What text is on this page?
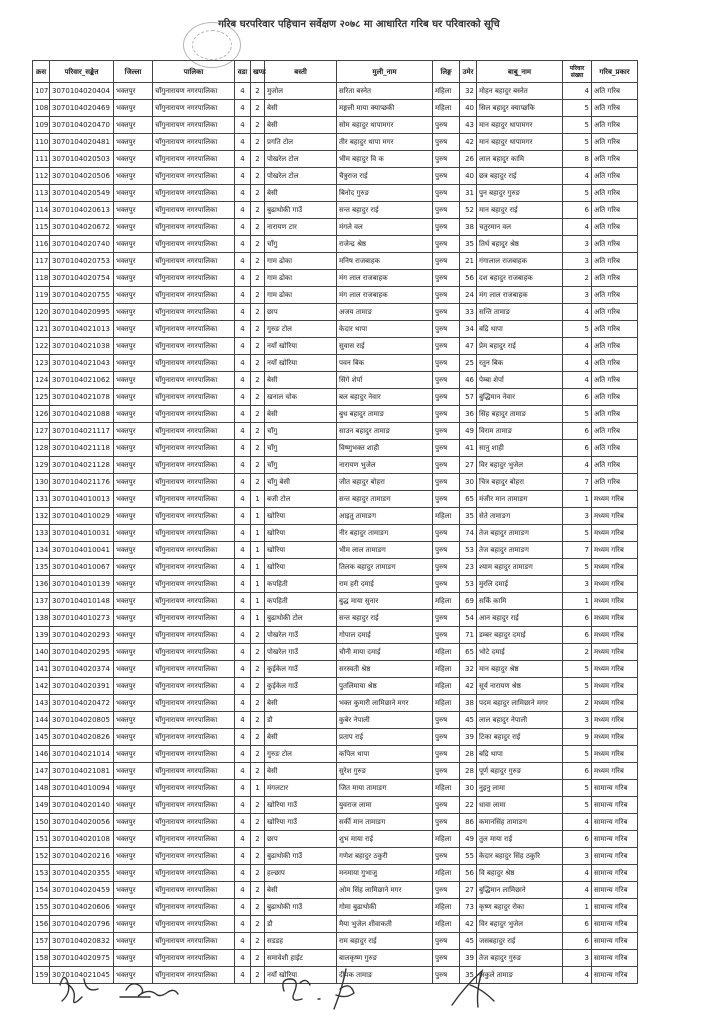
गरिब घरपरिवार पहिचान सर्वेक्षण २०७८ मा आधारित गरिब घर परिवारको सूचि
क्रस	परिवार_सङ्केत	जिल्ला	पालिका	वडा	खण्ड	बस्ती	मुली_नाम	लिङ्ग	उमेर	बाबु_नाम	परिवार संख्या	गरिब_प्रकार
107	3070104020404	भक्तपुर	चाँगुनारायण नगरपालिका	4	2	मुजोल	सरिता बस्नेत	महिला	32	मोहन बहादुर बस्नेत	4	अति गरिब
108	3070104020469	भक्तपुर	चाँगुनारायण नगरपालिका	4	2	बेसी	मङ्गली माया क्याप्छकी	महिला	40	सिल बहादुर क्याप्छकि	5	अति गरिब
109	3070104020470	भक्तपुर	चाँगुनारायण नगरपालिका	4	2	बेसी	सोम बहादुर थापामगर	पुरुष	43	मान बहादुर थापामगर	5	अति गरिब
110	3070104020481	भक्तपुर	चाँगुनारायण नगरपालिका	4	2	प्रगति टोल	तीर बहादुर थापा मगर	पुरुष	42	मान बहादुर थापामगर	5	अति गरिब
111	3070104020503	भक्तपुर	चाँगुनारायण नगरपालिका	4	2	पोखरेल टोल	भीम बहादुर वि क	पुरुष	26	लाल बहादुर कामि	8	अति गरिब
112	3070104020506	भक्तपुर	चाँगुनारायण नगरपालिका	4	2	पोखरेल टोल	चैत्रुराज राई	पुरुष	40	छत्र बहादुर राई	4	अति गरिब
113	3070104020549	भक्तपुर	चाँगुनारायण नगरपालिका	4	2	बेसी	बिनोद गुरुङ	पुरुष	31	पुन बहादुर गुरुङ	5	अति गरिब
114	3070104020613	भक्तपुर	चाँगुनारायण नगरपालिका	4	2	बुढाथोकी गाउँ	सन्त बहादुर राई	पुरुष	52	मान बहादुर राई	6	अति गरिब
115	3070104020672	भक्तपुर	चाँगुनारायण नगरपालिका	4	2	नारायण टार	मंगले वल	पुरुष	38	चतुरमान वल	4	अति गरिब
116	3070104020740	भक्तपुर	चाँगुनारायण नगरपालिका	4	2	चाँगु	राजेन्द्र श्रेष्ठ	पुरुष	35	तिर्थ बहादुर श्रेष्ठ	3	अति गरिब
117	3070104020753	भक्तपुर	चाँगुनारायण नगरपालिका	4	2	गाम ढोका	मनिष राजबाहक	पुरुष	21	गंगालाल राजबाहक	3	अति गरिब
118	3070104020754	भक्तपुर	चाँगुनारायण नगरपालिका	4	2	गाम ढोका	मंग लाल राजबाहक	पुरुष	56	दश बहादुर राजबाहक	2	अति गरिब
119	3070104020755	भक्तपुर	चाँगुनारायण नगरपालिका	4	2	गाम ढोका	मंग लाल राजबाहक	पुरुष	24	मंग लाल राजबाहक	3	अति गरिब
120	3070104020995	भक्तपुर	चाँगुनारायण नगरपालिका	4	2	छाप	अजय तामाङ	पुरुष	33	सन्ति तामाङ	4	अति गरिब
121	3070104021013	भक्तपुर	चाँगुनारायण नगरपालिका	4	2	गुरुङ टोल	केदार थापा	पुरुष	34	बद्रि थापा	5	अति गरिब
122	3070104021038	भक्तपुर	चाँगुनारायण नगरपालिका	4	2	नयाँ खोरिया	सुवास राई	पुरुष	47	प्रेम बहादुर राई	4	अति गरिब
123	3070104021043	भक्तपुर	चाँगुनारायण नगरपालिका	4	2	नयाँ खोरिया	पवन बिक	पुरुष	25	रतुन बिक	4	अति गरिब
124	3070104021062	भक्तपुर	चाँगुनारायण नगरपालिका	4	2	बेसी	सिंगे शेर्पा	पुरुष	46	पेम्बा शेर्पा	4	अति गरिब
125	3070104021078	भक्तपुर	चाँगुनारायण नगरपालिका	4	2	खनाल चोक	बल बहादुर नेवार	पुरुष	57	बुद्धिमान नेवार	6	अति गरिब
126	3070104021088	भक्तपुर	चाँगुनारायण नगरपालिका	4	2	बेसी	बुध बहादुर तामाङ	पुरुष	36	सिंह बहादुर तामाङ	5	अति गरिब
127	3070104021117	भक्तपुर	चाँगुनारायण नगरपालिका	4	2	चाँगु	साउन बहादुर तामाङ	पुरुष	49	विराम तामाङ	6	अति गरिब
128	3070104021118	भक्तपुर	चाँगुनारायण नगरपालिका	4	2	चाँगु	विष्णुभक्त शाही	पुरुष	41	सानु शाही	6	अति गरिब
129	3070104021128	भक्तपुर	चाँगुनारायण नगरपालिका	4	2	चाँगु	नारायण भुजेल	पुरुष	27	विर बहादुर भुजेल	4	अति गरिब
130	3070104021176	भक्तपुर	चाँगुनारायण नगरपालिका	4	2	चाँगु बेसी	जीत बहादुर बोहरा	पुरुष	30	चित्र बहादुर बोहरा	7	अति गरिब
131	3070104010013	भक्तपुर	चाँगुनारायण नगरपालिका	4	1	बजी टोल	सन्त बहादुर तामाङग	पुरुष	65	मंजीर मान तामाङग	1	मध्यम गरिब
132	3070104010029	भक्तपुर	चाँगुनारायण नगरपालिका	4	1	खोरिया	आइतु तामाङग	महिला	35	सेते तामाङग	3	मध्यम गरिब
133	3070104010031	भक्तपुर	चाँगुनारायण नगरपालिका	4	1	खोरिया	नीर बहादुर तामाङग	पुरुष	74	तेज बहादुर तामाङग	5	मध्यम गरिब
134	3070104010041	भक्तपुर	चाँगुनारायण नगरपालिका	4	1	खोरिया	भीम लाल तामाङग	पुरुष	53	तेज बहादुर तामाङग	7	मध्यम गरिब
135	3070104010067	भक्तपुर	चाँगुनारायण नगरपालिका	4	1	खोरिया	तिलक बहादुर तामाङग	पुरुष	23	श्याम बहादुर तामाङग	5	मध्यम गरिब
136	3070104010139	भक्तपुर	चाँगुनारायण नगरपालिका	4	1	कपहिती	राम हरी दमाई	पुरुष	53	मुरलि दमाई	3	मध्यम गरिब
137	3070104010148	भक्तपुर	चाँगुनारायण नगरपालिका	4	1	कपहिती	बुद्ध माया सुनार	महिला	69	सर्कि कामि	1	मध्यम गरिब
138	3070104010273	भक्तपुर	चाँगुनारायण नगरपालिका	4	1	बुढाथोकी टोल	सन्त बहादुर राई	पुरुष	54	आन बहादुर राई	6	मध्यम गरिब
139	3070104020293	भक्तपुर	चाँगुनारायण नगरपालिका	4	2	पोखरेल गाउँ	गोपाल दमाई	पुरुष	71	डम्बर बहादुर दमाई	6	मध्यम गरिब
140	3070104020295	भक्तपुर	चाँगुनारायण नगरपालिका	4	2	पोखरेल गाउँ	चौनी माया दमाई	महिला	65	भोटे दमाई	2	मध्यम गरिब
141	3070104020374	भक्तपुर	चाँगुनारायण नगरपालिका	4	2	कुईकेल गाउँ	सरस्वती श्रेष्ठ	महिला	32	मान बहादुर श्रेष्ठ	5	मध्यम गरिब
142	3070104020391	भक्तपुर	चाँगुनारायण नगरपालिका	4	2	कुईकेल गाउँ	पुतलिमाया श्रेष्ठ	महिला	42	सूर्य नारायण श्रेष्ठ	5	मध्यम गरिब
143	3070104020472	भक्तपुर	चाँगुनारायण नगरपालिका	4	2	बेसी	भक्त कुमारी लामिछाने मगर	महिला	38	पदम बहादुर लामिछाने मगर	2	मध्यम गरिब
144	3070104020805	भक्तपुर	चाँगुनारायण नगरपालिका	4	2	डौ	कुबेर नेपाली	पुरुष	45	लाल बहादुर नेपाली	3	मध्यम गरिब
145	3070104020826	भक्तपुर	चाँगुनारायण नगरपालिका	4	2	बेसी	प्रताप राई	पुरुष	39	टिका बहादुर राई	9	मध्यम गरिब
146	3070104021014	भक्तपुर	चाँगुनारायण नगरपालिका	4	2	गुरुङ टोल	कपिल थापा	पुरुष	28	बद्रि थापा	5	मध्यम गरिब
147	3070104021081	भक्तपुर	चाँगुनारायण नगरपालिका	4	2	बेसी	सुरेश गुरुङ	पुरुष	28	पूर्ण बहादुर गुरुङ	6	मध्यम गरिब
148	3070104010094	भक्तपुर	चाँगुनारायण नगरपालिका	4	1	मंगलटार	जित माया तामाङग	महिला	30	नुइनु लामा	5	सामान्य गरिब
149	3070104020140	भक्तपुर	चाँगुनारायण नगरपालिका	4	2	खोरिया गाउँ	युवराज लामा	पुरुष	22	धावा लामा	5	सामान्य गरिब
150	3070104020056	भक्तपुर	चाँगुनारायण नगरपालिका	4	2	खोरिया गाउँ	सर्की मान तामाङग	पुरुष	86	कमानसिंह तामाङग	4	सामान्य गरिब
151	3070104020108	भक्तपुर	चाँगुनारायण नगरपालिका	4	2	छाप	शुभ माया राई	महिला	49	तुल माया राई	6	सामान्य गरिब
152	3070104020216	भक्तपुर	चाँगुनारायण नगरपालिका	4	2	बुढाथोकी गाउँ	गणेश बहादुर ठकुरी	पुरुष	55	केदार बहादुर सिंह ठकुरि	3	सामान्य गरिब
153	3070104020355	भक्तपुर	चाँगुनारायण नगरपालिका	4	2	हल्छाप	मनमाया गुभाजु	महिला	56	वि बहादुर श्रेष्ठ	4	सामान्य गरिब
154	3070104020459	भक्तपुर	चाँगुनारायण नगरपालिका	4	2	बेसी	ओम सिंह लामिछाने मगर	पुरुष	27	बुद्धिमान लामिछाने	4	सामान्य गरिब
155	3070104020606	भक्तपुर	चाँगुनारायण नगरपालिका	4	2	बुढाथोकी गाउँ	गोमा बुढाथोकी	महिला	73	कृष्ण बहादुर रोका	1	सामान्य गरिब
156	3070104020796	भक्तपुर	चाँगुनारायण नगरपालिका	4	2	डौ	मैया भुजेल शीवाकती	महिला	42	विर बहादुर भुजेल	6	सामान्य गरिब
157	3070104020832	भक्तपुर	चाँगुनारायण नगरपालिका	4	2	सडडह	राम बहादुर राई	पुरुष	45	जसबहादुर राई	6	सामान्य गरिब
158	3070104020975	भक्तपुर	चाँगुनारायण नगरपालिका	4	2	समावेशी हाईट	बालकृष्ण गुरुङ	पुरुष	39	तेज बहादुर गुरुङ	3	सामान्य गरिब
159	3070104021045	भक्तपुर	चाँगुनारायण नगरपालिका	4	2	नयाँ खोरिया	दीपक तामाङ	पुरुष	35	अकुले तामाङ	4	सामान्य गरिब
